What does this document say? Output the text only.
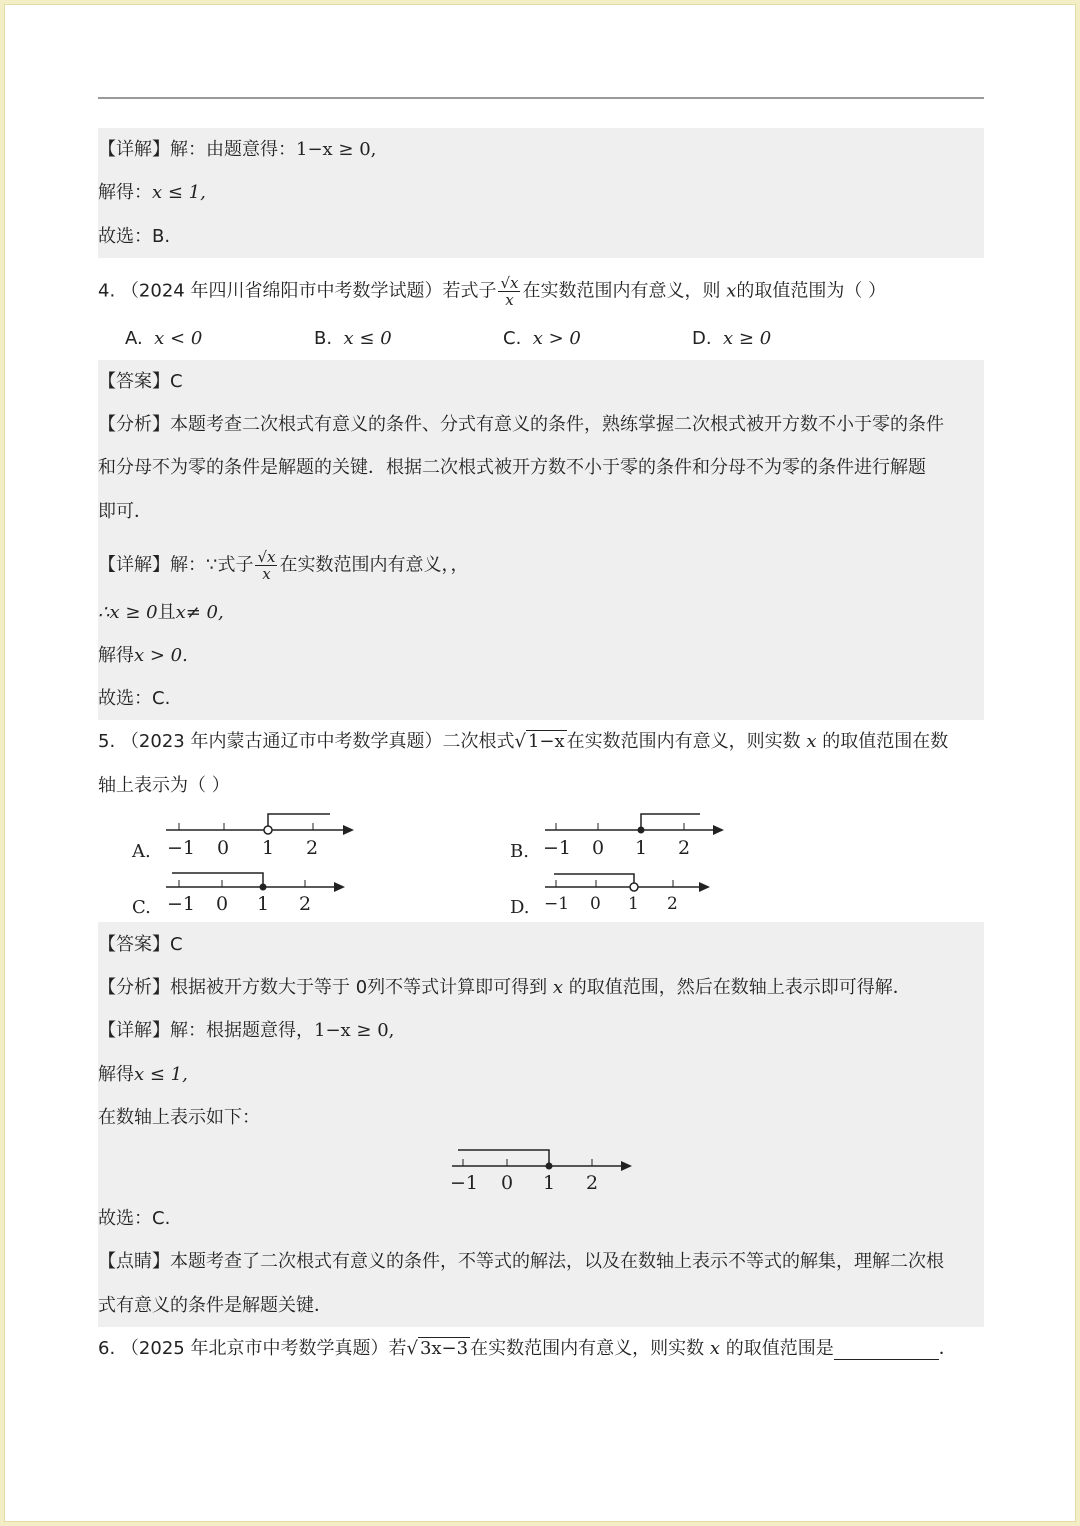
【详解】解：由题意得：1−x ≥ 0,
解得：x ≤ 1,
故选：B.
4. （2024 年四川省绵阳市中考数学试题）若式子 $\frac{√x}{x}$ 在实数范围内有意义，则 x的取值范围为（ ）
A. x < 0	B. x ≤ 0	C. x > 0	D. x ≥ 0
【答案】C
【分析】本题考查二次根式有意义的条件、分式有意义的条件，熟练掌握二次根式被开方数不小于零的条件
和分母不为零的条件是解题的关键．根据二次根式被开方数不小于零的条件和分母不为零的条件进行解题
即可．
【详解】解：∵式子 $\frac{√x}{x}$ 在实数范围内有意义，，
∴x ≥ 0且x≠ 0,
解得x > 0.
故选：C.
5. （2023 年内蒙古通辽市中考数学真题）二次根式√ 1−x 在实数范围内有意义，则实数 x 的取值范围在数
轴上表示为（ ）
A. −1 0 1 2	B. −1 0 1 2
C. −1 0 1 2	D. −1 0 1 2
−1 0 1 2
【答案】C
【分析】根据被开方数大于等于 0列不等式计算即可得到 x 的取值范围，然后在数轴上表示即可得解．
【详解】解：根据题意得，1−x ≥ 0,
解得x ≤ 1,
在数轴上表示如下：
故选：C.
【点睛】本题考查了二次根式有意义的条件，不等式的解法，以及在数轴上表示不等式的解集，理解二次根
式有意义的条件是解题关键．
6. （2025 年北京市中考数学真题）若√ 3x−3 在实数范围内有意义，则实数 x 的取值范围是	．
